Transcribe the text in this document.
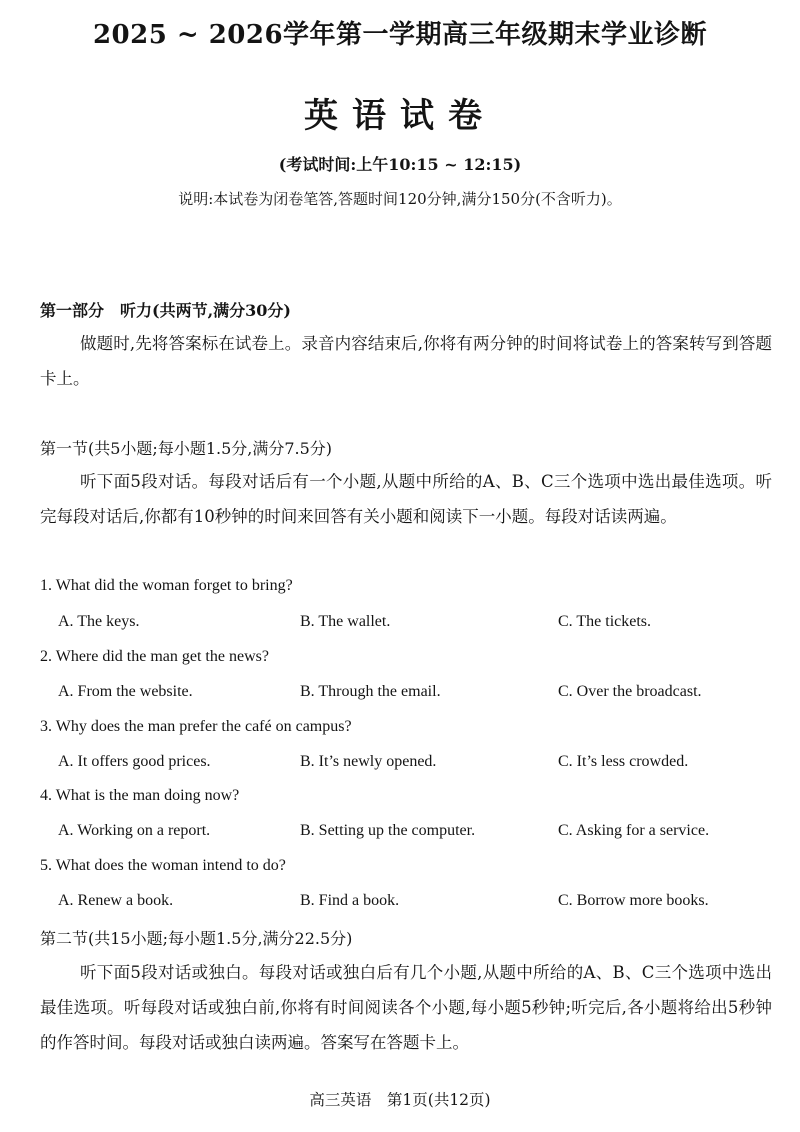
2025 ~ 2026学年第一学期高三年级期末学业诊断
英语试卷
(考试时间:上午10:15 ~ 12:15)
说明:本试卷为闭卷笔答,答题时间120分钟,满分150分(不含听力)。
第一部分　听力(共两节,满分30分)
做题时,先将答案标在试卷上。录音内容结束后,你将有两分钟的时间将试卷上的答案转写到答题卡上。
第一节(共5小题;每小题1.5分,满分7.5分)
听下面5段对话。每段对话后有一个小题,从题中所给的A、B、C三个选项中选出最佳选项。听完每段对话后,你都有10秒钟的时间来回答有关小题和阅读下一小题。每段对话读两遍。
1. What did the woman forget to bring?
A. The keys.	B. The wallet.	C. The tickets.
2. Where did the man get the news?
A. From the website.	B. Through the email.	C. Over the broadcast.
3. Why does the man prefer the café on campus?
A. It offers good prices.	B. It’s newly opened.	C. It’s less crowded.
4. What is the man doing now?
A. Working on a report.	B. Setting up the computer.	C. Asking for a service.
5. What does the woman intend to do?
A. Renew a book.	B. Find a book.	C. Borrow more books.
第二节(共15小题;每小题1.5分,满分22.5分)
听下面5段对话或独白。每段对话或独白后有几个小题,从题中所给的A、B、C三个选项中选出最佳选项。听每段对话或独白前,你将有时间阅读各个小题,每小题5秒钟;听完后,各小题将给出5秒钟的作答时间。每段对话或独白读两遍。答案写在答题卡上。
高三英语　第1页(共12页)
